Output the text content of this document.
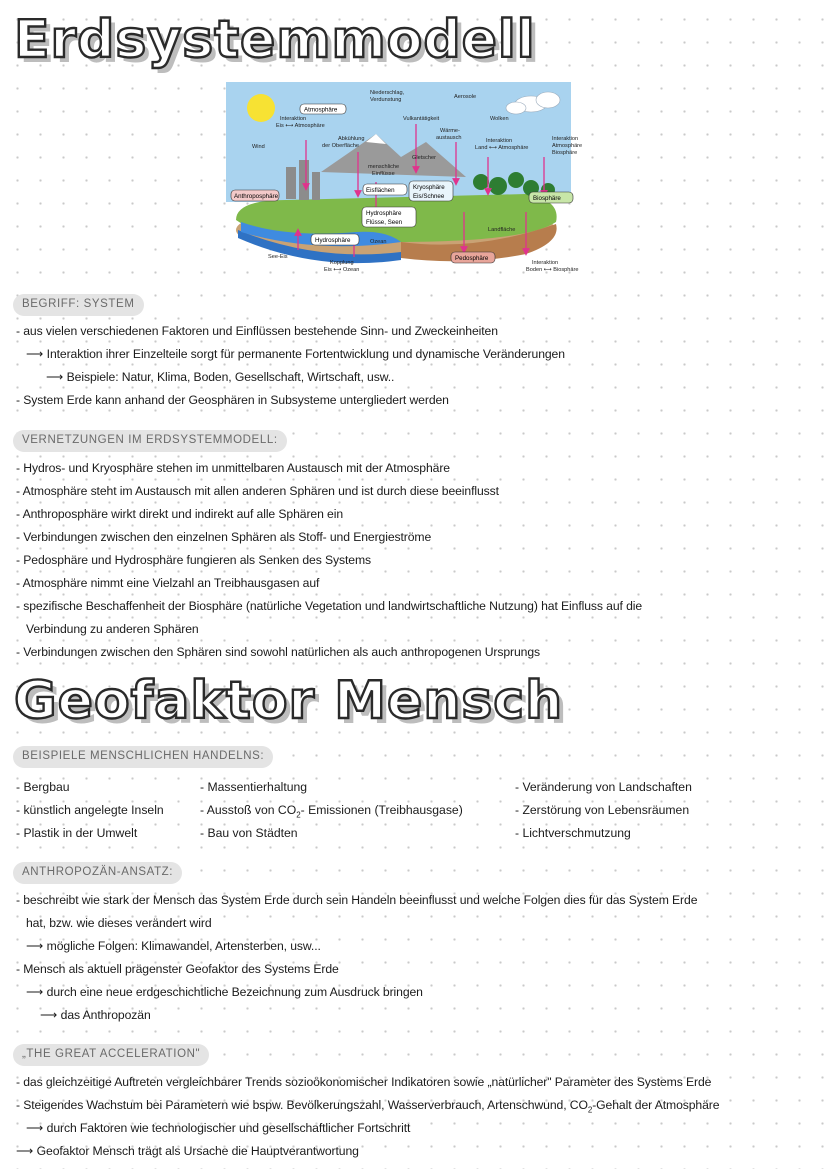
Erdsystemmodell
Atmosphäre
Anthroposphäre
Eisflächen	Kryosphäre
Eis/Schnee	Biosphäre
Hydrosphäre
Flüsse, Seen
Hydrosphäre
Pedosphäre
Niederschlag,
Verdunstung	Aerosole
Interaktion
Eis ⟷ Atmosphäre
Vulkantätigkeit	Wolken
Abkühlung
der Oberfläche
Wärme-
austausch	Interaktion
Land ⟷ Atmosphäre
Interaktion
Atmosphäre
Biosphäre
Wind
Gletscher
menschliche
Einflüsse
Landfläche
Ozean
See-Eis
Kopplung
Eis ⟷ Ozean
Interaktion
Boden ⟷ Biosphäre
BEGRIFF: SYSTEM
- aus vielen verschiedenen Faktoren und Einflüssen bestehende Sinn- und Zweckeinheiten
⟶ Interaktion ihrer Einzelteile sorgt für permanente Fortentwicklung und dynamische Veränderungen
⟶ Beispiele: Natur, Klima, Boden, Gesellschaft, Wirtschaft, usw..
- System Erde kann anhand der Geosphären in Subsysteme untergliedert werden
VERNETZUNGEN IM ERDSYSTEMMODELL:
- Hydros- und Kryosphäre stehen im unmittelbaren Austausch mit der Atmosphäre
- Atmosphäre steht im Austausch mit allen anderen Sphären und ist durch diese beeinflusst
- Anthroposphäre wirkt direkt und indirekt auf alle Sphären ein
- Verbindungen zwischen den einzelnen Sphären als Stoff- und Energieströme
- Pedosphäre und Hydrosphäre fungieren als Senken des Systems
- Atmosphäre nimmt eine Vielzahl an Treibhausgasen auf
- spezifische Beschaffenheit der Biosphäre (natürliche Vegetation und landwirtschaftliche Nutzung) hat Einfluss auf die
Verbindung zu anderen Sphären
- Verbindungen zwischen den Sphären sind sowohl natürlichen als auch anthropogenen Ursprungs
Geofaktor Mensch
BEISPIELE MENSCHLICHEN HANDELNS:
- Bergbau
- künstlich angelegte Inseln
- Plastik in der Umwelt
- Massentierhaltung
- Ausstoß von $CO_2-$ Emissionen (Treibhausgase)
- Bau von Städten
- Veränderung von Landschaften
- Zerstörung von Lebensräumen
- Lichtverschmutzung
ANTHROPOZÄN-ANSATZ:
- beschreibt wie stark der Mensch das System Erde durch sein Handeln beeinflusst und welche Folgen dies für das System Erde
hat, bzw. wie dieses verändert wird
⟶ mögliche Folgen: Klimawandel, Artensterben, usw...
- Mensch als aktuell prägenster Geofaktor des Systems Erde
⟶ durch eine neue erdgeschichtliche Bezeichnung zum Ausdruck bringen
⟶ das Anthropozän
„THE GREAT ACCELERATION"
- das gleichzeitige Auftreten vergleichbarer Trends sozioökonomischer Indikatoren sowie „natürlicher" Parameter des Systems Erde
- Steigendes Wachstum bei Parametern wie bspw. Bevölkerungszahl, Wasserverbrauch, Artenschwund, $CO_2$-Gehalt der Atmosphäre
⟶ durch Faktoren wie technologischer und gesellschaftlicher Fortschritt
⟶ Geofaktor Mensch trägt als Ursache die Hauptverantwortung
